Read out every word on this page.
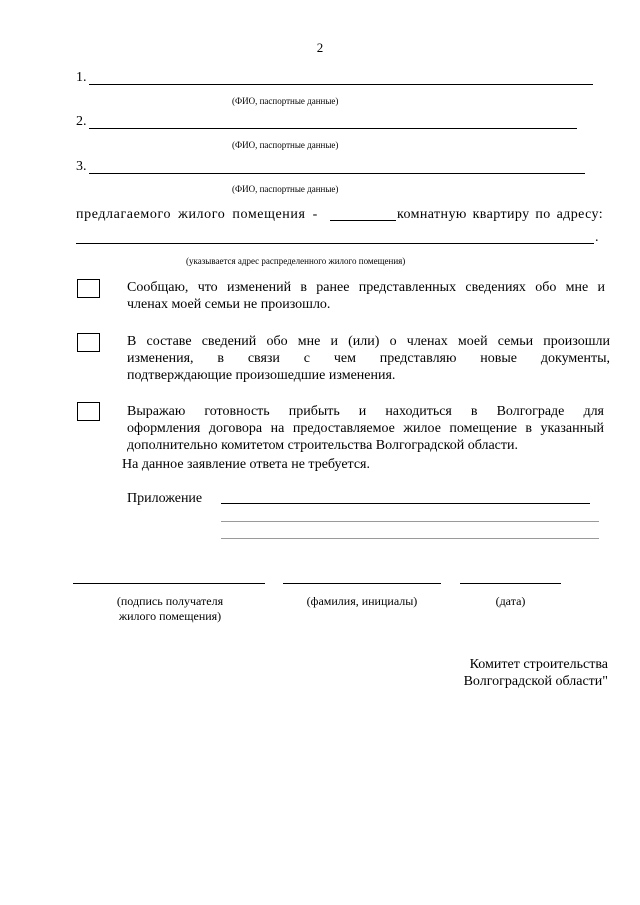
2
1.
(ФИО, паспортные данные)
2.
(ФИО, паспортные данные)
3.
(ФИО, паспортные данные)
предлагаемого жилого помещения -	комнатную квартиру по адресу:
.
(указывается адрес распределенного жилого помещения)
Сообщаю, что изменений в ранее представленных сведениях обо мне и
членах моей семьи не произошло.
В составе сведений обо мне и (или) о членах моей семьи произошли
изменения, в связи с чем представляю новые документы,
подтверждающие произошедшие изменения.
Выражаю готовность прибыть и находиться в Волгограде для
оформления договора на предоставляемое жилое помещение в указанный
дополнительно комитетом строительства Волгоградской области.
На данное заявление ответа не требуется.
Приложение
(подпись получателя
жилого помещения)
(фамилия, инициалы)	(дата)
Комитет строительства
Волгоградской области"
